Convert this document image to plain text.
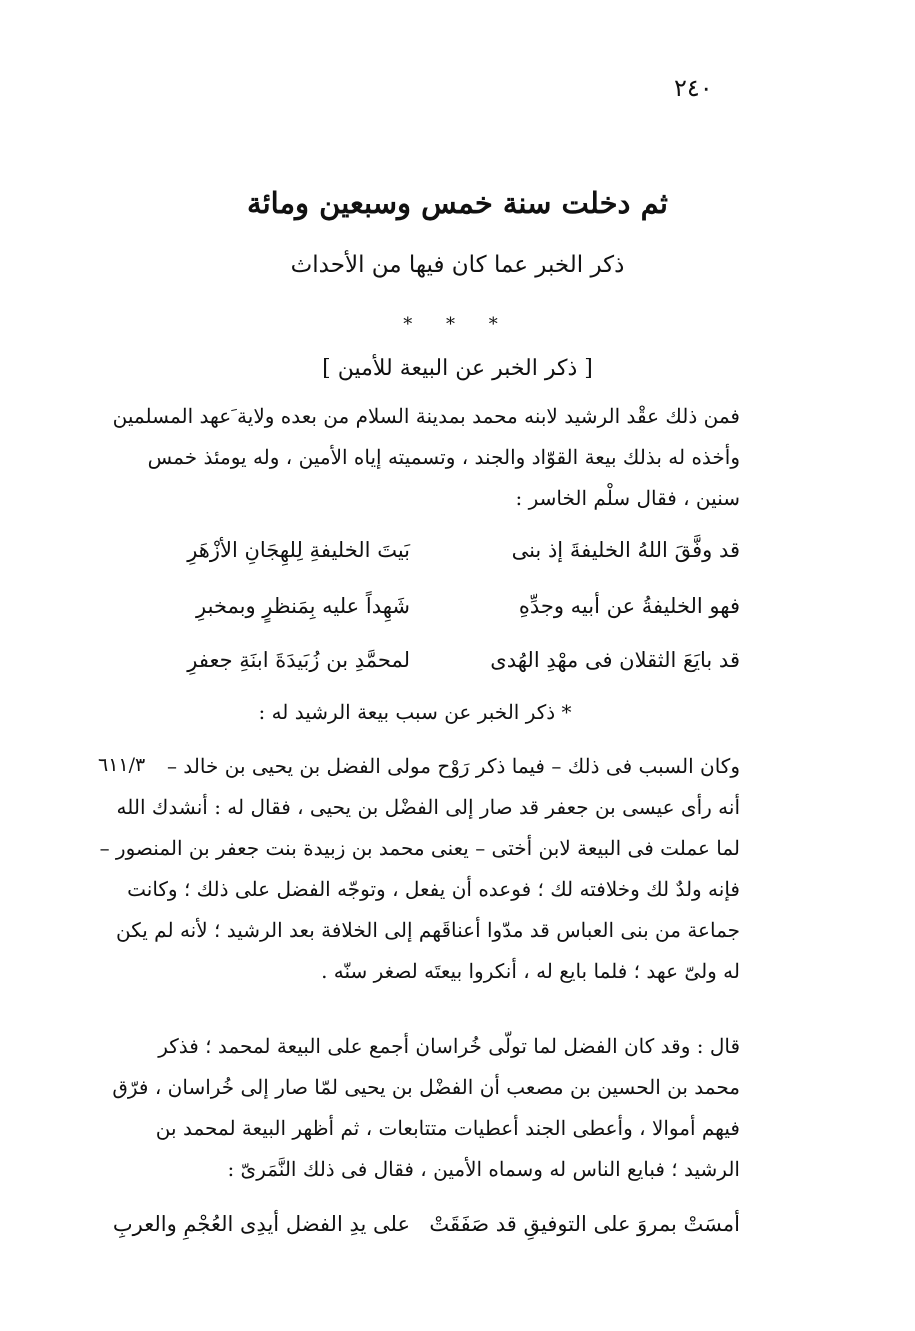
٢٤٠
ثم دخلت سنة خمس وسبعين ومائة
ذكر الخبر عما كان فيها من الأحداث
* * *
[ ذكر الخبر عن البيعة للأمين ]
فمن ذلك عقْد الرشيد لابنه محمد بمدينة السلام من بعده ولاية َعهد المسلمين
وأخذه له بذلك بيعة القوّاد والجند ، وتسميته إياه الأمين ، وله يومئذ خمس
سنين ، فقال سلْم الخاسر :
قد وفَّقَ اللهُ الخليفةَ إذ بنى
بَيتَ الخليفةِ لِلهِجَانِ الأزْهَرِ
فهو الخليفةُ عن أبيه وجدِّهِ
شَهِداً عليه بِمَنظرٍ وبمخبرِ
قد بايَعَ الثقلان فى مهْدِ الهُدى
لمحمَّدِ بن زُبَيدَةَ ابنَةِ جعفرِ
* ذكر الخبر عن سبب بيعة الرشيد له :
٦١١/٣	وكان السبب فى ذلك – فيما ذكر رَوْح مولى الفضل بن يحيى بن خالد –
أنه رأى عيسى بن جعفر قد صار إلى الفضْل بن يحيى ، فقال له : أنشدك الله
لما عملت فى البيعة لابن أختى – يعنى محمد بن زبيدة بنت جعفر بن المنصور –
فإنه ولدٌ لك وخلافته لك ؛ فوعده أن يفعل ، وتوجّه الفضل على ذلك ؛ وكانت
جماعة من بنى العباس قد مدّوا أعناقَهم إلى الخلافة بعد الرشيد ؛ لأنه لم يكن
له ولىّ عهد ؛ فلما بايع له ، أنكروا بيعتَه لصغر سنّه .
قال : وقد كان الفضل لما تولّى خُراسان أجمع على البيعة لمحمد ؛ فذكر
محمد بن الحسين بن مصعب أن الفضْل بن يحيى لمّا صار إلى خُراسان ، فرّق
فيهم أموالا ، وأعطى الجند أعطيات متتابعات ، ثم أظهر البيعة لمحمد بن
الرشيد ؛ فبايع الناس له وسماه الأمين ، فقال فى ذلك النَّمَرىّ :
أمسَتْ بمروَ على التوفيقِ قد صَفَقَتْ
على يدِ الفضل أيدِى العُجْمِ والعربِ
